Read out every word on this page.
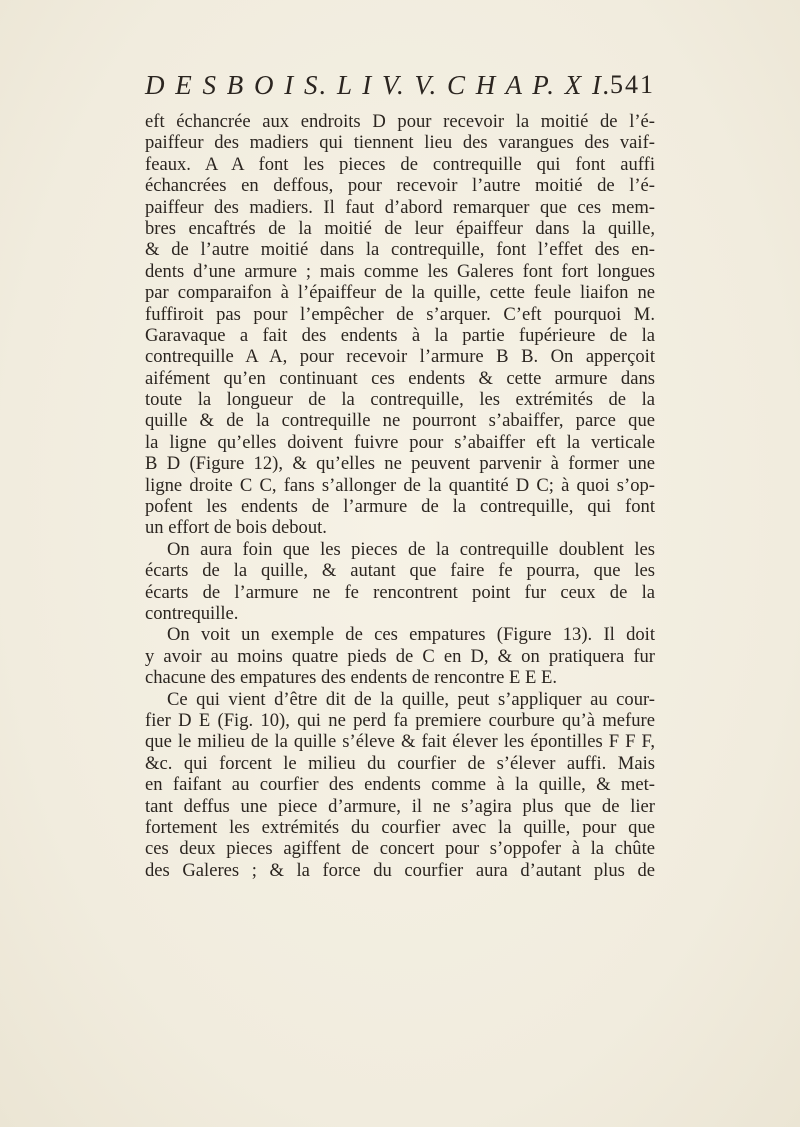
D E S B O I S. L I V. V. C H A P. X I.
541
eft échancrée aux endroits D pour recevoir la moitié de l’é-
paiffeur des madiers qui tiennent lieu des varangues des vaif-
feaux. A A font les pieces de contrequille qui font auffi
échancrées en deffous, pour recevoir l’autre moitié de l’é-
paiffeur des madiers. Il faut d’abord remarquer que ces mem-
bres encaftrés de la moitié de leur épaiffeur dans la quille,
& de l’autre moitié dans la contrequille, font l’effet des en-
dents d’une armure ; mais comme les Galeres font fort longues
par comparaifon à l’épaiffeur de la quille, cette feule liaifon ne
fuffiroit pas pour l’empêcher de s’arquer. C’eft pourquoi M.
Garavaque a fait des endents à la partie fupérieure de la
contrequille A A, pour recevoir l’armure B B. On apperçoit
aifément qu’en continuant ces endents & cette armure dans
toute la longueur de la contrequille, les extrémités de la
quille & de la contrequille ne pourront s’abaiffer, parce que
la ligne qu’elles doivent fuivre pour s’abaiffer eft la verticale
B D (Figure 12), & qu’elles ne peuvent parvenir à former une
ligne droite C C, fans s’allonger de la quantité D C; à quoi s’op-
pofent les endents de l’armure de la contrequille, qui font
un effort de bois debout.
On aura foin que les pieces de la contrequille doublent les
écarts de la quille, & autant que faire fe pourra, que les
écarts de l’armure ne fe rencontrent point fur ceux de la
contrequille.
On voit un exemple de ces empatures (Figure 13). Il doit
y avoir au moins quatre pieds de C en D, & on pratiquera fur
chacune des empatures des endents de rencontre E E E.
Ce qui vient d’être dit de la quille, peut s’appliquer au cour-
fier D E (Fig. 10), qui ne perd fa premiere courbure qu’à mefure
que le milieu de la quille s’éleve & fait élever les épontilles F F F,
&c. qui forcent le milieu du courfier de s’élever auffi. Mais
en faifant au courfier des endents comme à la quille, & met-
tant deffus une piece d’armure, il ne s’agira plus que de lier
fortement les extrémités du courfier avec la quille, pour que
ces deux pieces agiffent de concert pour s’oppofer à la chûte
des Galeres ; & la force du courfier aura d’autant plus de
